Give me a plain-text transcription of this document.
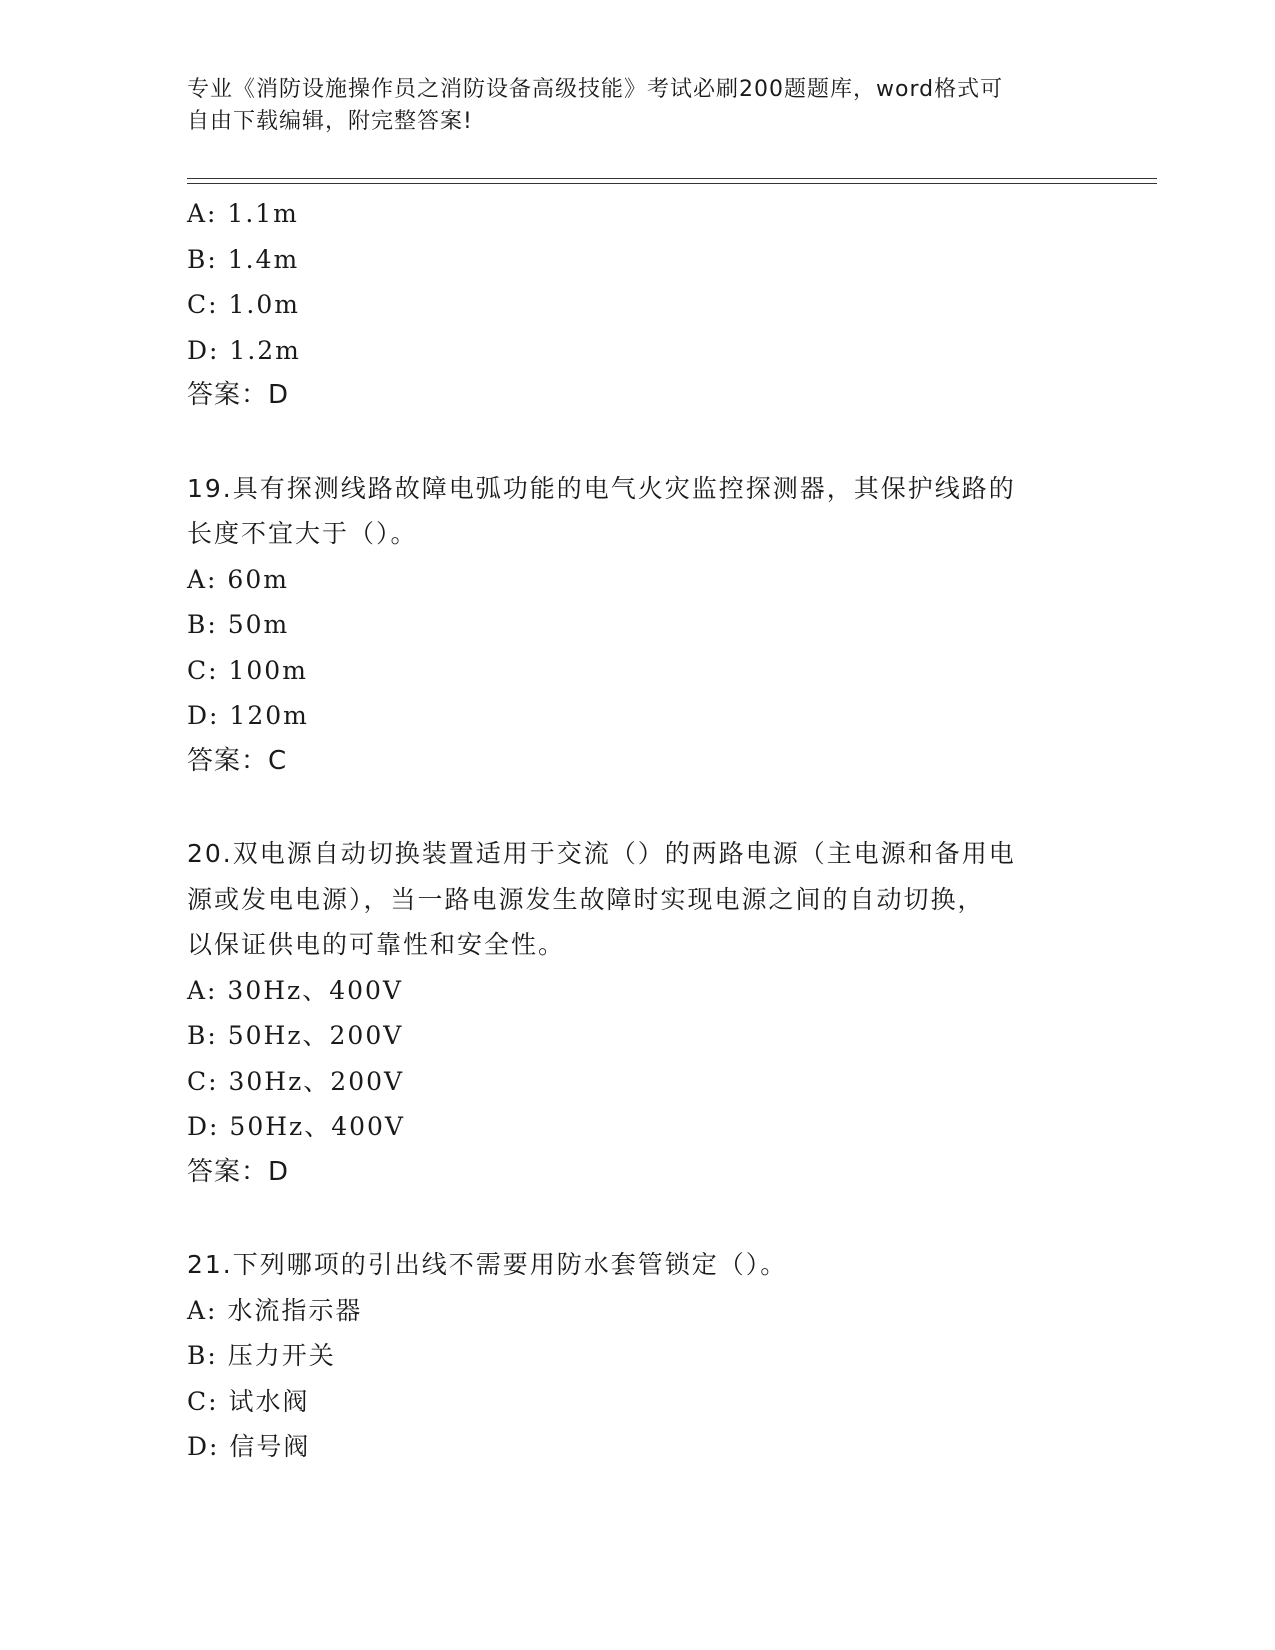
专业《消防设施操作员之消防设备高级技能》考试必刷200题题库，word格式可
自由下载编辑，附完整答案!
A: 1.1m
B: 1.4m
C: 1.0m
D: 1.2m
答案：D
19.具有探测线路故障电弧功能的电气火灾监控探测器，其保护线路的
长度不宜大于（）。
A: 60m
B: 50m
C: 100m
D: 120m
答案：C
20.双电源自动切换装置适用于交流（）的两路电源（主电源和备用电
源或发电电源），当一路电源发生故障时实现电源之间的自动切换，
以保证供电的可靠性和安全性。
A: 30Hz、400V
B: 50Hz、200V
C: 30Hz、200V
D: 50Hz、400V
答案：D
21.下列哪项的引出线不需要用防水套管锁定（）。
A: 水流指示器
B: 压力开关
C: 试水阀
D: 信号阀
